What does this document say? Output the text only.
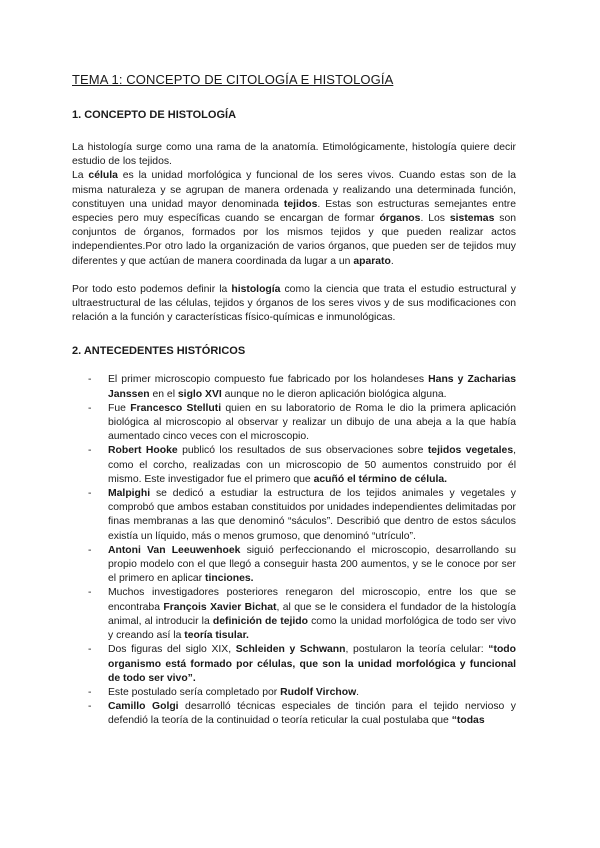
TEMA 1: CONCEPTO DE CITOLOGÍA E HISTOLOGÍA
1. CONCEPTO DE HISTOLOGÍA

La histología surge como una rama de la anatomía. Etimológicamente, histología quiere decir estudio de los tejidos.

La célula es la unidad morfológica y funcional de los seres vivos. Cuando estas son de la misma naturaleza y se agrupan de manera ordenada y realizando una determinada función, constituyen una unidad mayor denominada tejidos. Estas son estructuras semejantes entre especies pero muy específicas cuando se encargan de formar órganos. Los sistemas son conjuntos de órganos, formados por los mismos tejidos y que pueden realizar actos independientes.Por otro lado la organización de varios órganos, que pueden ser de tejidos muy diferentes y que actúan de manera coordinada da lugar a un aparato.

Por todo esto podemos definir la histología como la ciencia que trata el estudio estructural y ultraestructural de las células, tejidos y órganos de los seres vivos y de sus modificaciones con relación a la función y características físico-químicas e inmunológicas.

2. ANTECEDENTES HISTÓRICOS
- El primer microscopio compuesto fue fabricado por los holandeses Hans y Zacharias Janssen en el siglo XVI aunque no le dieron aplicación biológica alguna.
- Fue Francesco Stelluti quien en su laboratorio de Roma le dio la primera aplicación biológica al microscopio al observar y realizar un dibujo de una abeja a la que había aumentado cinco veces con el microscopio.
- Robert Hooke publicó los resultados de sus observaciones sobre tejidos vegetales, como el corcho, realizadas con un microscopio de 50 aumentos construido por él mismo. Este investigador fue el primero que acuñó el término de célula.
- Malpighi se dedicó a estudiar la estructura de los tejidos animales y vegetales y comprobó que ambos estaban constituidos por unidades independientes delimitadas por finas membranas a las que denominó “sáculos”. Describió que dentro de estos sáculos existía un líquido, más o menos grumoso, que denominó “utrículo”.
- Antoni Van Leeuwenhoek siguió perfeccionando el microscopio, desarrollando su propio modelo con el que llegó a conseguir hasta 200 aumentos, y se le conoce por ser el primero en aplicar tinciones.
- Muchos investigadores posteriores renegaron del microscopio, entre los que se encontraba François Xavier Bichat, al que se le considera el fundador de la histología animal, al introducir la definición de tejido como la unidad morfológica de todo ser vivo y creando así la teoría tisular.
- Dos figuras del siglo XIX, Schleiden y Schwann, postularon la teoría celular: “todo organismo está formado por células, que son la unidad morfológica y funcional de todo ser vivo”.
- Este postulado sería completado por Rudolf Virchow.
- Camillo Golgi desarrolló técnicas especiales de tinción para el tejido nervioso y defendió la teoría de la continuidad o teoría reticular la cual postulaba que “todas
